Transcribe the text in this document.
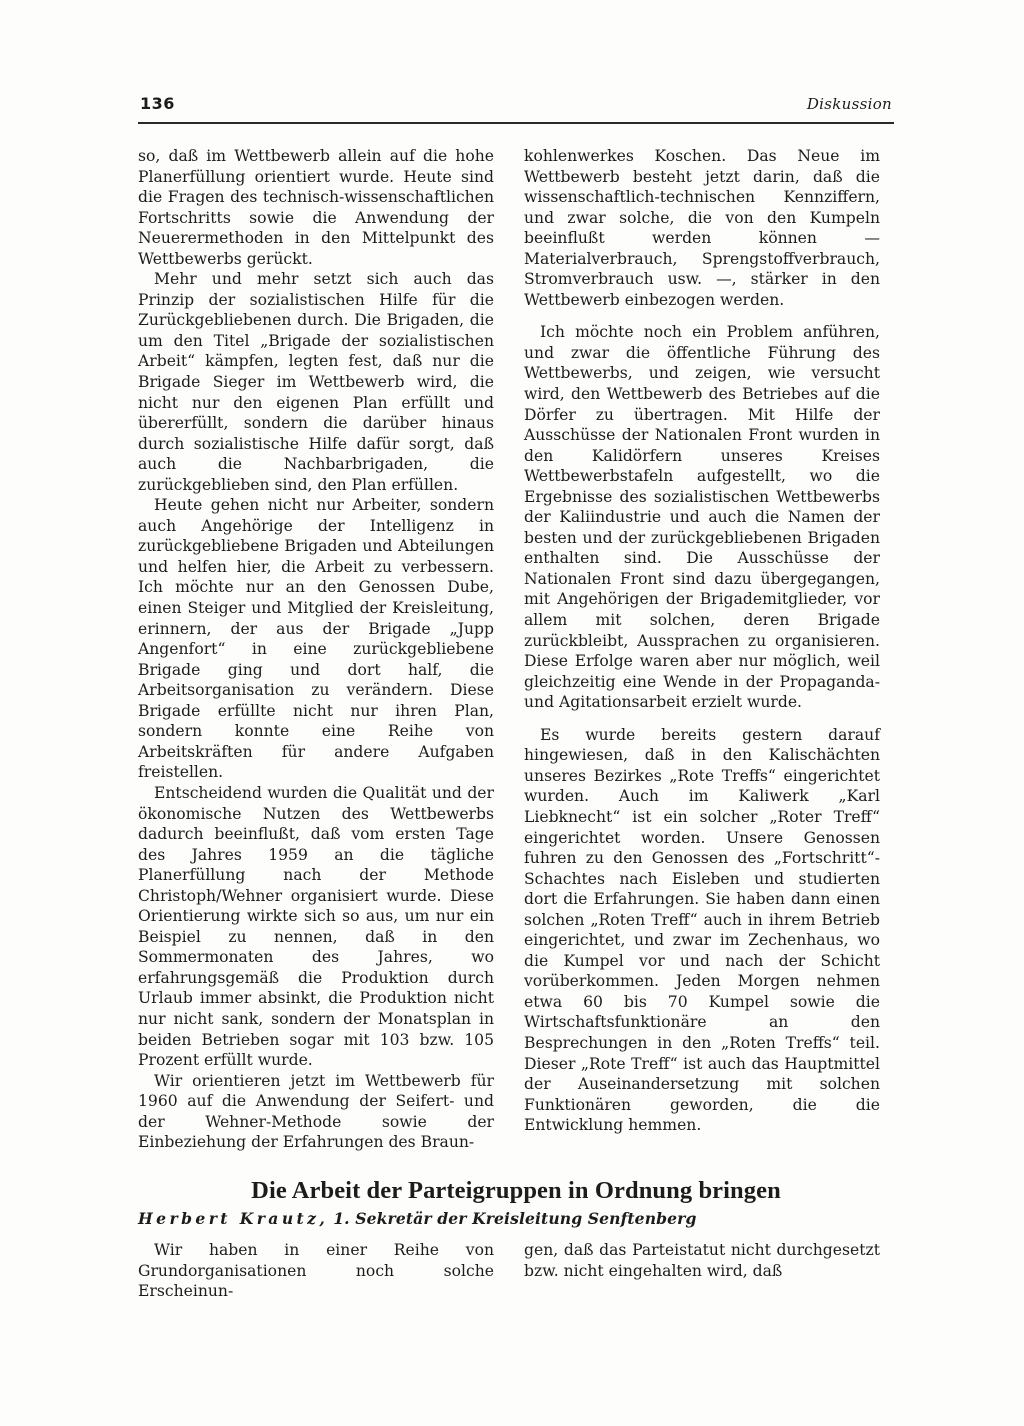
136	Diskussion

so, daß im Wettbewerb allein auf die hohe Planerfüllung orientiert wurde. Heute sind die Fragen des technisch-wissenschaftlichen Fortschritts sowie die Anwendung der Neuerermethoden in den Mittelpunkt des Wettbewerbs gerückt.

Mehr und mehr setzt sich auch das Prinzip der sozialistischen Hilfe für die Zurückgebliebenen durch. Die Brigaden, die um den Titel „Brigade der sozialistischen Arbeit“ kämpfen, legten fest, daß nur die Brigade Sieger im Wettbewerb wird, die nicht nur den eigenen Plan erfüllt und übererfüllt, sondern die darüber hinaus durch sozialistische Hilfe dafür sorgt, daß auch die Nachbarbrigaden, die zurückgeblieben sind, den Plan erfüllen.

Heute gehen nicht nur Arbeiter, sondern auch Angehörige der Intelligenz in zurückgebliebene Brigaden und Abteilungen und helfen hier, die Arbeit zu verbessern. Ich möchte nur an den Genossen Dube, einen Steiger und Mitglied der Kreisleitung, erinnern, der aus der Brigade „Jupp Angenfort“ in eine zurückgebliebene Brigade ging und dort half, die Arbeitsorganisation zu verändern. Diese Brigade erfüllte nicht nur ihren Plan, sondern konnte eine Reihe von Arbeitskräften für andere Aufgaben freistellen.

Entscheidend wurden die Qualität und der ökonomische Nutzen des Wettbewerbs dadurch beeinflußt, daß vom ersten Tage des Jahres 1959 an die tägliche Planerfüllung nach der Methode Christoph/Wehner organisiert wurde. Diese Orientierung wirkte sich so aus, um nur ein Beispiel zu nennen, daß in den Sommermonaten des Jahres, wo erfahrungsgemäß die Produktion durch Urlaub immer absinkt, die Produktion nicht nur nicht sank, sondern der Monatsplan in beiden Betrieben sogar mit 103 bzw. 105 Prozent erfüllt wurde.

Wir orientieren jetzt im Wettbewerb für 1960 auf die Anwendung der Seifert- und der Wehner-Methode sowie der Einbeziehung der Erfahrungen des Braun-

kohlenwerkes Koschen. Das Neue im Wettbewerb besteht jetzt darin, daß die wissenschaftlich-technischen Kennziffern, und zwar solche, die von den Kumpeln beeinflußt werden können — Materialverbrauch, Sprengstoffverbrauch, Stromverbrauch usw. —, stärker in den Wettbewerb einbezogen werden.

Ich möchte noch ein Problem anführen, und zwar die öffentliche Führung des Wettbewerbs, und zeigen, wie versucht wird, den Wettbewerb des Betriebes auf die Dörfer zu übertragen. Mit Hilfe der Ausschüsse der Nationalen Front wurden in den Kalidörfern unseres Kreises Wettbewerbstafeln aufgestellt, wo die Ergebnisse des sozialistischen Wettbewerbs der Kaliindustrie und auch die Namen der besten und der zurückgebliebenen Brigaden enthalten sind. Die Ausschüsse der Nationalen Front sind dazu übergegangen, mit Angehörigen der Brigademitglieder, vor allem mit solchen, deren Brigade zurückbleibt, Aussprachen zu organisieren. Diese Erfolge waren aber nur möglich, weil gleichzeitig eine Wende in der Propaganda- und Agitationsarbeit erzielt wurde.

Es wurde bereits gestern darauf hingewiesen, daß in den Kalischächten unseres Bezirkes „Rote Treffs“ eingerichtet wurden. Auch im Kaliwerk „Karl Liebknecht“ ist ein solcher „Roter Treff“ eingerichtet worden. Unsere Genossen fuhren zu den Genossen des „Fortschritt“-Schachtes nach Eisleben und studierten dort die Erfahrungen. Sie haben dann einen solchen „Roten Treff“ auch in ihrem Betrieb eingerichtet, und zwar im Zechenhaus, wo die Kumpel vor und nach der Schicht vorüberkommen. Jeden Morgen nehmen etwa 60 bis 70 Kumpel sowie die Wirtschaftsfunktionäre an den Besprechungen in den „Roten Treffs“ teil. Dieser „Rote Treff“ ist auch das Hauptmittel der Auseinandersetzung mit solchen Funktionären geworden, die die Entwicklung hemmen.

Die Arbeit der Parteigruppen in Ordnung bringen
Herbert Krautz, 1. Sekretär der Kreisleitung Senftenberg

Wir haben in einer Reihe von Grundorganisationen noch solche Erscheinun-

gen, daß das Parteistatut nicht durchgesetzt bzw. nicht eingehalten wird, daß
